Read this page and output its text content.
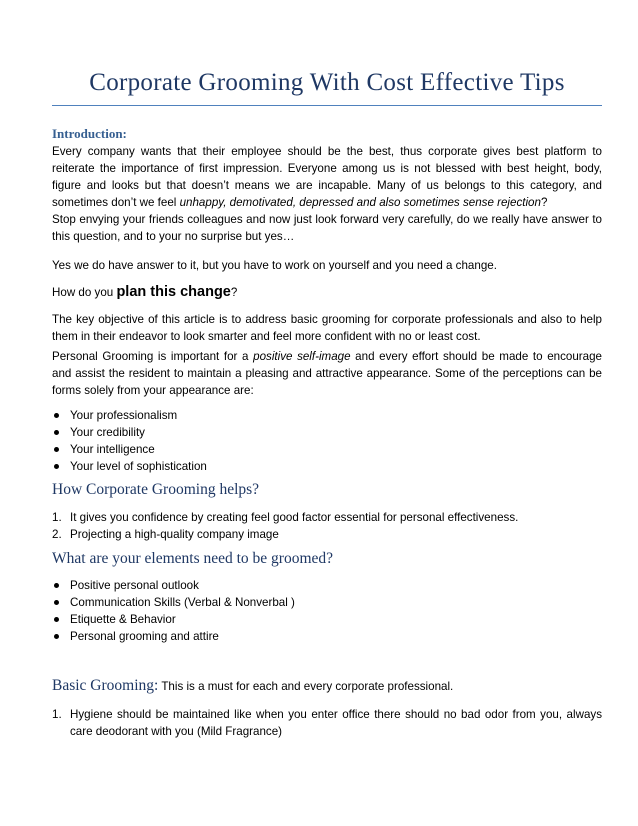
Corporate Grooming With Cost Effective Tips
Introduction:

Every company wants that their employee should be the best, thus corporate gives best platform to reiterate the importance of first impression. Everyone among us is not blessed with best height, body, figure and looks but that doesn’t means we are incapable. Many of us belongs to this category, and sometimes don’t we feel unhappy, demotivated, depressed and also sometimes sense rejection?

Stop envying your friends colleagues and now just look forward very carefully, do we really have answer to this question, and to your no surprise but yes…

Yes we do have answer to it, but you have to work on yourself and you need a change.

How do you plan this change?

The key objective of this article is to address basic grooming for corporate professionals and also to help them in their endeavor to look smarter and feel more confident with no or least cost.

Personal Grooming is important for a positive self-image and every effort should be made to encourage and assist the resident to maintain a pleasing and attractive appearance. Some of the perceptions can be forms solely from your appearance are:

Your professionalism
Your credibility
Your intelligence
Your level of sophistication
How Corporate Grooming helps?
1. It gives you confidence by creating feel good factor essential for personal effectiveness.
2. Projecting a high-quality company image
What are your elements need to be groomed?
Positive personal outlook
Communication Skills (Verbal & Nonverbal )
Etiquette & Behavior
Personal grooming and attire
Basic Grooming: This is a must for each and every corporate professional.
1. Hygiene should be maintained like when you enter office there should no bad odor from you, always care deodorant with you (Mild Fragrance)
